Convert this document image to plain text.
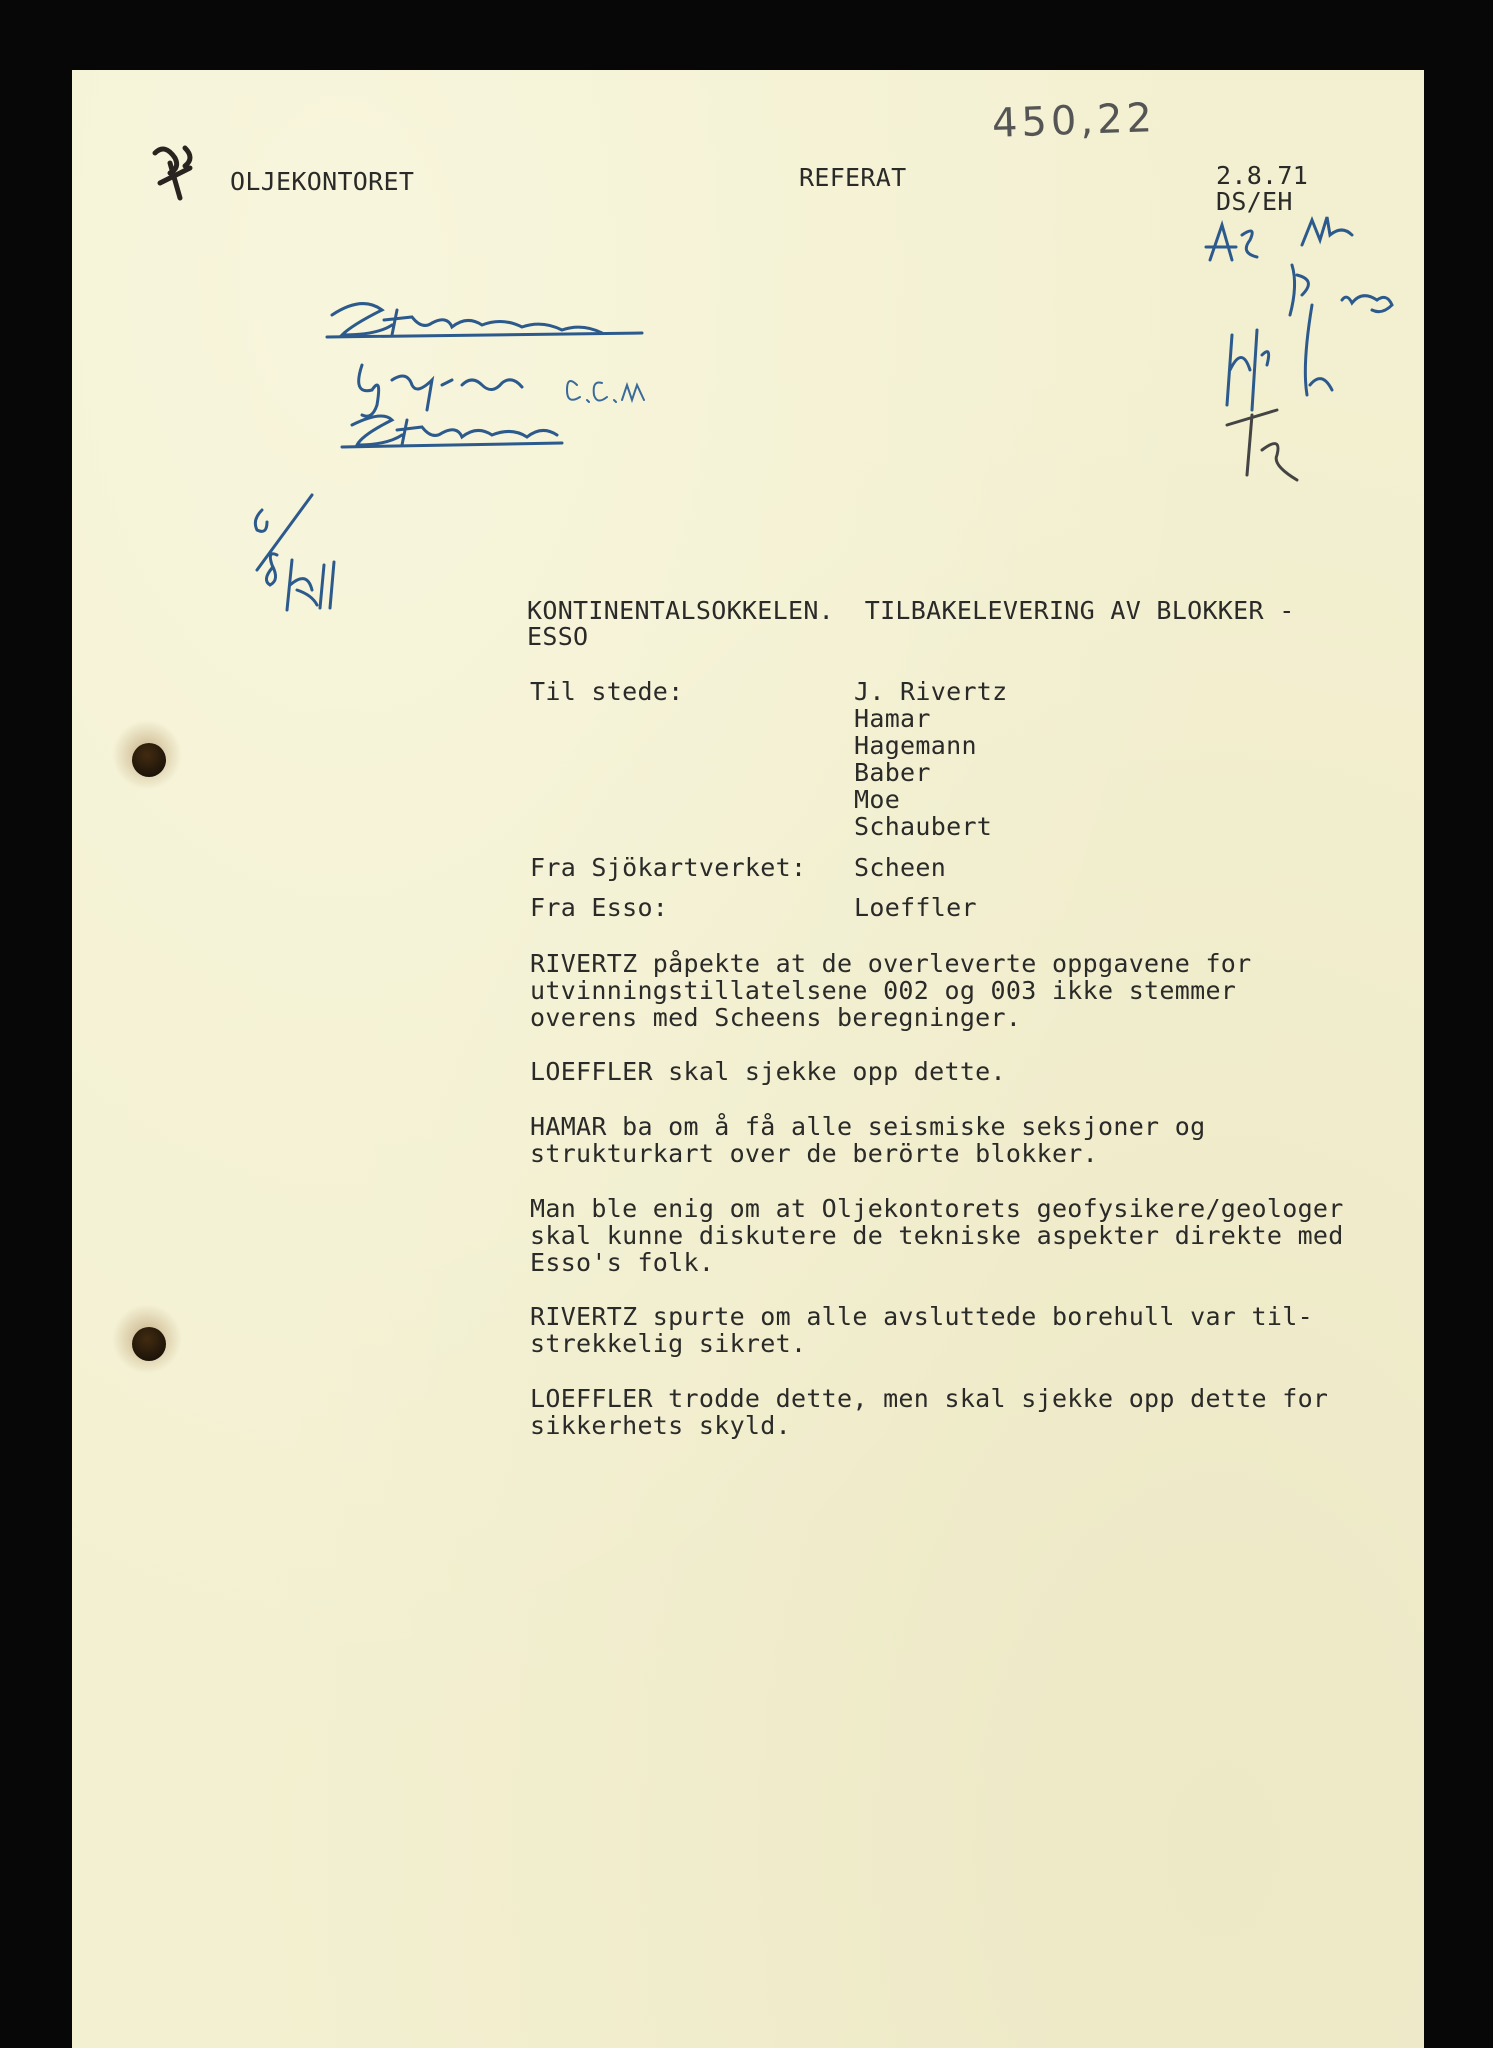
OLJEKONTORET	REFERAT	2.8.71
DS/EH
450,22
KONTINENTALSOKKELEN.  TILBAKELEVERING AV BLOKKER -
ESSO
Til stede:	J. Rivertz
Hamar
Hagemann
Baber
Moe
Schaubert
Fra Sjökartverket: Scheen
Fra Esso:	Loeffler
RIVERTZ påpekte at de overleverte oppgavene for
utvinningstillatelsene 002 og 003 ikke stemmer
overens med Scheens beregninger.
LOEFFLER skal sjekke opp dette.
HAMAR ba om å få alle seismiske seksjoner og
strukturkart over de berörte blokker.
Man ble enig om at Oljekontorets geofysikere/geologer
skal kunne diskutere de tekniske aspekter direkte med
Esso's folk.
RIVERTZ spurte om alle avsluttede borehull var til-
strekkelig sikret.
LOEFFLER trodde dette, men skal sjekke opp dette for
sikkerhets skyld.
